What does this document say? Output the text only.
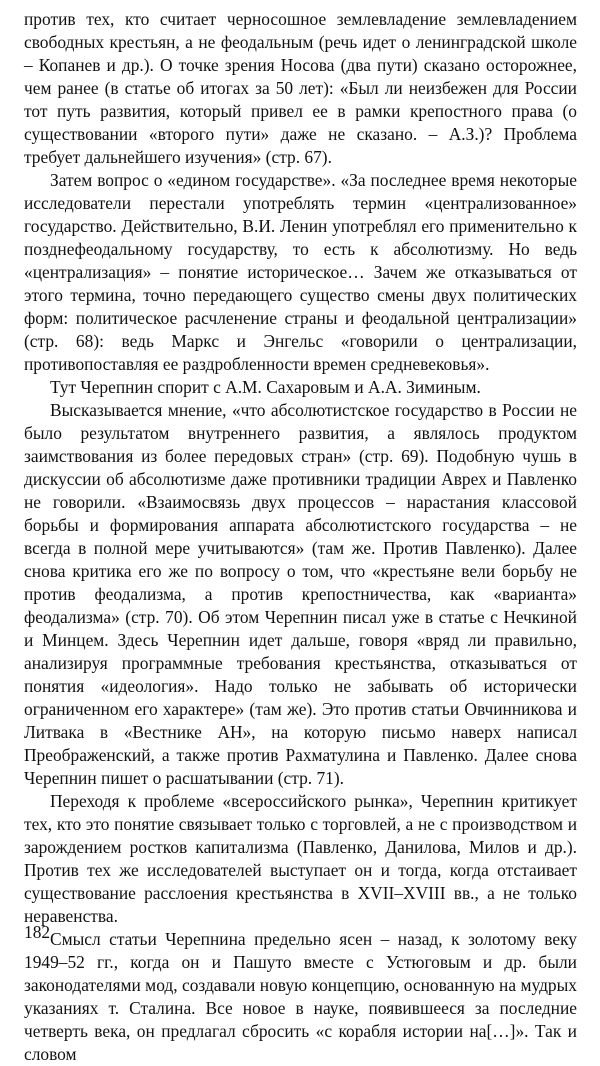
против тех, кто считает черносошное землевладение землевладением свободных крестьян, а не феодальным (речь идет о ленинградской школе – Копанев и др.). О точке зрения Носова (два пути) сказано осторожнее, чем ранее (в статье об итогах за 50 лет): «Был ли неизбежен для России тот путь развития, который привел ее в рамки крепостного права (о существовании «второго пути» даже не сказано. – А.З.)? Проблема требует дальнейшего изучения» (стр. 67).

Затем вопрос о «едином государстве». «За последнее время некоторые исследователи перестали употреблять термин «централизованное» государство. Действительно, В.И. Ленин употреблял его применительно к позднефеодальному государству, то есть к абсолютизму. Но ведь «централизация» – понятие историческое… Зачем же отказываться от этого термина, точно передающего существо смены двух политических форм: политическое расчленение страны и феодальной централизации» (стр. 68): ведь Маркс и Энгельс «говорили о централизации, противопоставляя ее раздробленности времен средневековья».

Тут Черепнин спорит с А.М. Сахаровым и А.А. Зиминым.

Высказывается мнение, «что абсолютистское государство в России не было результатом внутреннего развития, а являлось продуктом заимствования из более передовых стран» (стр. 69). Подобную чушь в дискуссии об абсолютизме даже противники традиции Аврех и Павленко не говорили. «Взаимосвязь двух процессов – нарастания классовой борьбы и формирования аппарата абсолютистского государства – не всегда в полной мере учитываются» (там же. Против Павленко). Далее снова критика его же по вопросу о том, что «крестьяне вели борьбу не против феодализма, а против крепостничества, как «варианта» феодализма» (стр. 70). Об этом Черепнин писал уже в статье с Нечкиной и Минцем. Здесь Черепнин идет дальше, говоря «вряд ли правильно, анализируя программные требования крестьянства, отказываться от понятия «идеология». Надо только не забывать об исторически ограниченном его характере» (там же). Это против статьи Овчинникова и Литвака в «Вестнике АН», на которую письмо наверх написал Преображенский, а также против Рахматулина и Павленко. Далее снова Черепнин пишет о расшатывании (стр. 71).

Переходя к проблеме «всероссийского рынка», Черепнин критикует тех, кто это понятие связывает только с торговлей, а не с производством и зарождением ростков капитализма (Павленко, Данилова, Милов и др.). Против тех же исследователей выступает он и тогда, когда отстаивает существование расслоения крестьянства в XVII–XVIII вв., а не только неравенства.

Смысл статьи Черепнина предельно ясен – назад, к золотому веку 1949–52 гг., когда он и Пашуто вместе с Устюговым и др. были законодателями мод, создавали новую концепцию, основанную на мудрых указаниях т. Сталина. Все новое в науке, появившееся за последние четверть века, он предлагал сбросить «с корабля истории на[…]». Так и словом

182
